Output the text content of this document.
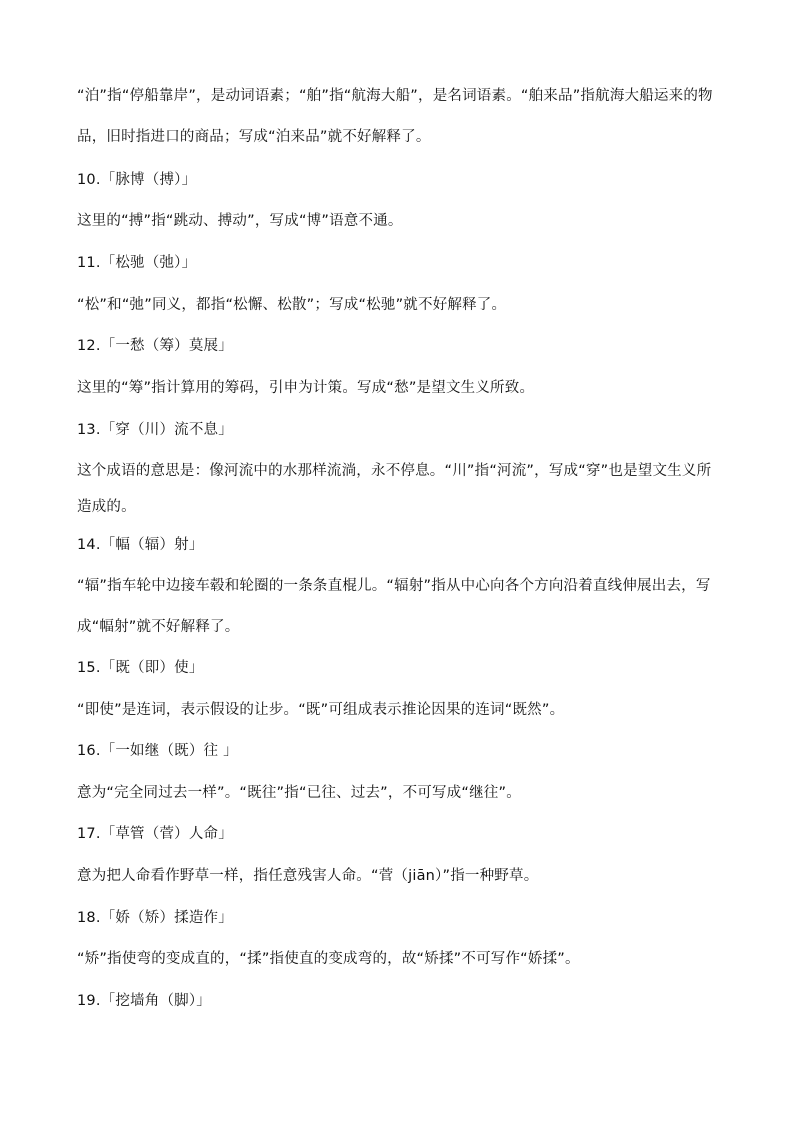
“泊”指“停船靠岸”，是动词语素；“舶”指“航海大船”，是名词语素。“舶来品”指航海大船运来的物
品，旧时指进口的商品；写成“泊来品”就不好解释了。
10.「脉博（搏）」
这里的“搏”指“跳动、搏动”，写成“博”语意不通。
11.「松驰（弛）」
“松”和“弛”同义，都指“松懈、松散”；写成“松驰”就不好解释了。
12.「一愁（筹）莫展」
这里的“筹”指计算用的筹码，引申为计策。写成“愁”是望文生义所致。
13.「穿（川）流不息」
这个成语的意思是：像河流中的水那样流淌，永不停息。“川”指“河流”，写成“穿”也是望文生义所
造成的。
14.「幅（辐）射」
“辐”指车轮中边接车毂和轮圈的一条条直棍儿。“辐射”指从中心向各个方向沿着直线伸展出去，写
成“幅射”就不好解释了。
15.「既（即）使」
“即使”是连词，表示假设的让步。“既”可组成表示推论因果的连词“既然”。
16.「一如继（既）往 」
意为“完全同过去一样”。“既往”指“已往、过去”，不可写成“继往”。
17.「草管（菅）人命」
意为把人命看作野草一样，指任意残害人命。“菅（jiān）”指一种野草。
18.「娇（矫）揉造作」
“矫”指使弯的变成直的，“揉”指使直的变成弯的，故“矫揉”不可写作“娇揉”。
19.「挖墙角（脚）」
